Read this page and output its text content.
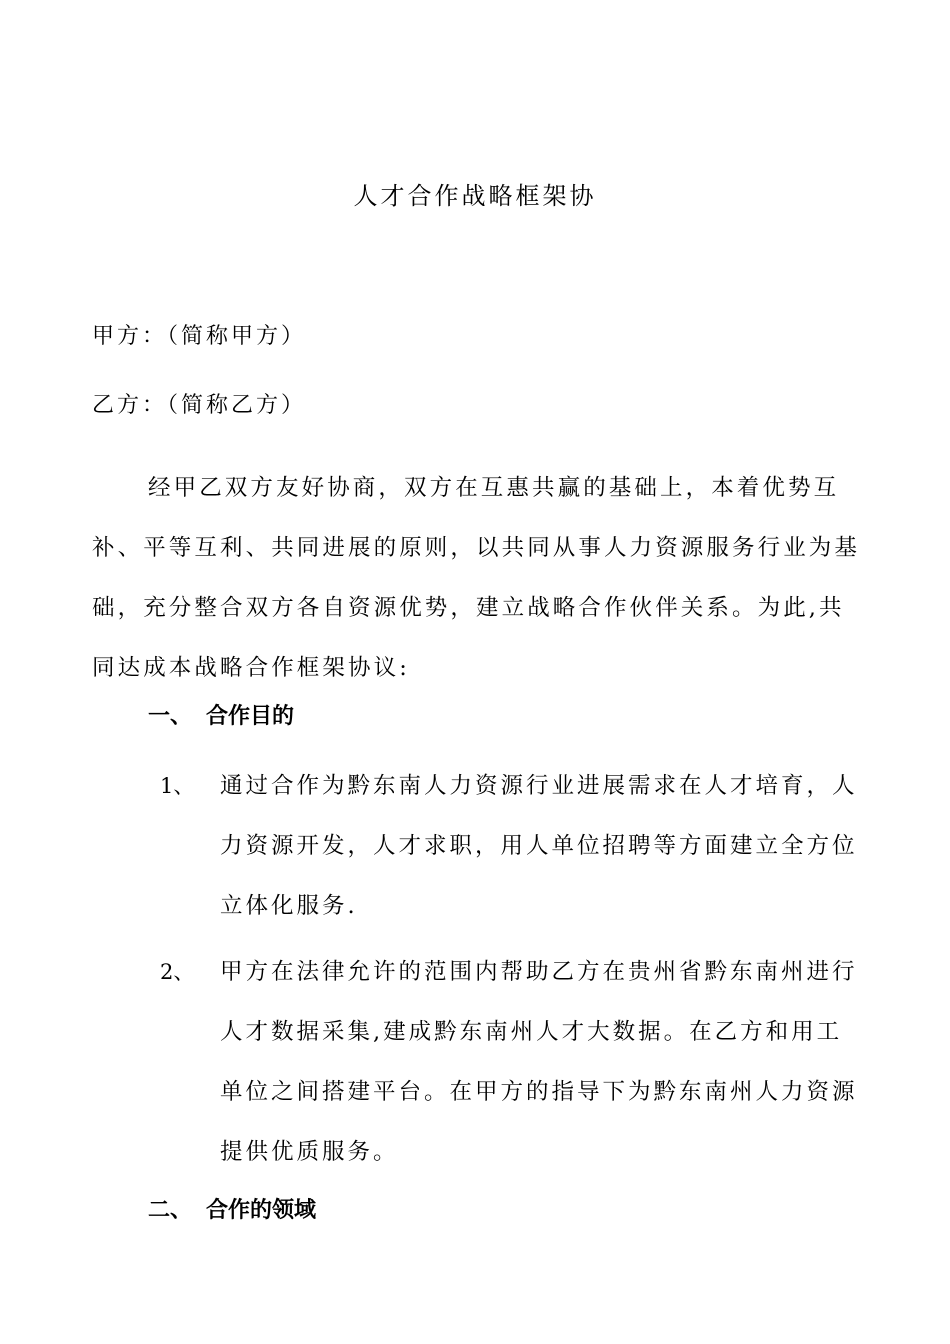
人才合作战略框架协
甲方：（简称甲方）
乙方：（简称乙方）
经甲乙双方友好协商，双方在互惠共赢的基础上，本着优势互
补、平等互利、共同进展的原则，以共同从事人力资源服务行业为基
础，充分整合双方各自资源优势，建立战略合作伙伴关系。为此,共
同达成本战略合作框架协议:
一、 合作目的
1、 通过合作为黔东南人力资源行业进展需求在人才培育，人
力资源开发，人才求职，用人单位招聘等方面建立全方位
立体化服务.
2、 甲方在法律允许的范围内帮助乙方在贵州省黔东南州进行
人才数据采集,建成黔东南州人才大数据。在乙方和用工
单位之间搭建平台。在甲方的指导下为黔东南州人力资源
提供优质服务。
二、 合作的领域
